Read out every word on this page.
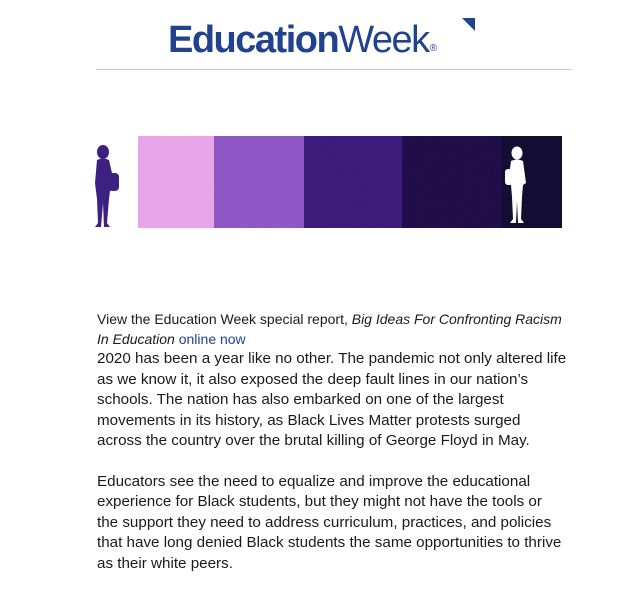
Education Week ®

View the Education Week special report, Big Ideas For Confronting Racism In Education online now

2020 has been a year like no other. The pandemic not only altered life as we know it, it also exposed the deep fault lines in our nation’s schools. The nation has also embarked on one of the largest movements in its history, as Black Lives Matter protests surged across the country over the brutal killing of George Floyd in May.

Educators see the need to equalize and improve the educational experience for Black students, but they might not have the tools or the support they need to address curriculum, practices, and policies that have long denied Black students the same opportunities to thrive as their white peers.
